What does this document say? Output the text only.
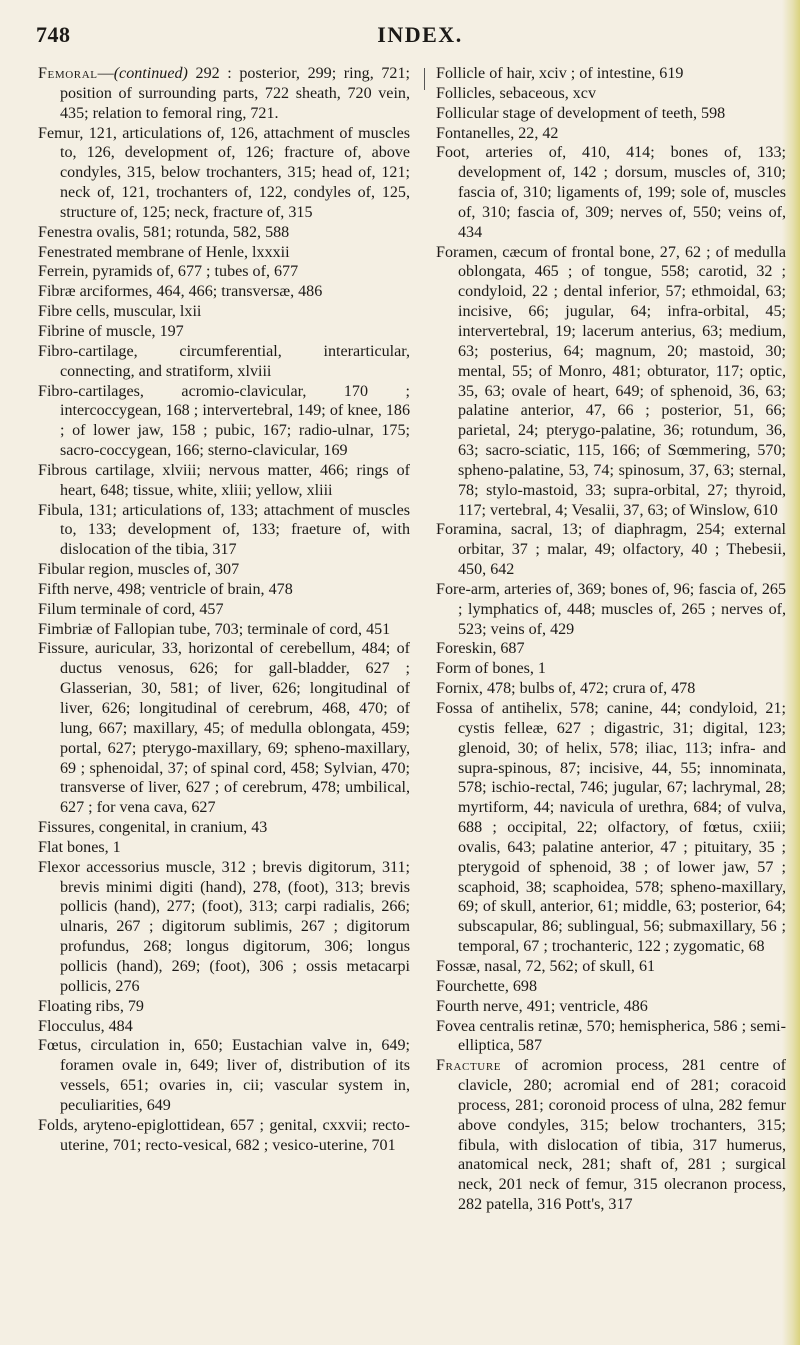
748	INDEX.
Femoral—(continued) 292 : posterior, 299; ring, 721; position of surrounding parts, 722 sheath, 720 vein, 435; relation to femoral ring, 721.
Femur, 121, articulations of, 126, attachment of muscles to, 126, development of, 126; fracture of, above condyles, 315, below trochanters, 315; head of, 121; neck of, 121, trochanters of, 122, condyles of, 125, structure of, 125; neck, fracture of, 315
Fenestra ovalis, 581; rotunda, 582, 588
Fenestrated membrane of Henle, lxxxii
Ferrein, pyramids of, 677 ; tubes of, 677
Fibræ arciformes, 464, 466; transversæ, 486
Fibre cells, muscular, lxii
Fibrine of muscle, 197
Fibro-cartilage, circumferential, interarticular, connecting, and stratiform, xlviii
Fibro-cartilages, acromio-clavicular, 170 ; intercoccygean, 168 ; intervertebral, 149; of knee, 186 ; of lower jaw, 158 ; pubic, 167; radio-ulnar, 175; sacro-coccygean, 166; sterno-clavicular, 169
Fibrous cartilage, xlviii; nervous matter, 466; rings of heart, 648; tissue, white, xliii; yellow, xliii
Fibula, 131; articulations of, 133; attachment of muscles to, 133; development of, 133; fraeture of, with dislocation of the tibia, 317
Fibular region, muscles of, 307
Fifth nerve, 498; ventricle of brain, 478
Filum terminale of cord, 457
Fimbriæ of Fallopian tube, 703; terminale of cord, 451
Fissure, auricular, 33, horizontal of cerebellum, 484; of ductus venosus, 626; for gall-bladder, 627 ; Glasserian, 30, 581; of liver, 626; longitudinal of liver, 626; longitudinal of cerebrum, 468, 470; of lung, 667; maxillary, 45; of medulla oblongata, 459; portal, 627; pterygo-maxillary, 69; spheno-maxillary, 69 ; sphenoidal, 37; of spinal cord, 458; Sylvian, 470; transverse of liver, 627 ; of cerebrum, 478; umbilical, 627 ; for vena cava, 627
Fissures, congenital, in cranium, 43
Flat bones, 1
Flexor accessorius muscle, 312 ; brevis digitorum, 311; brevis minimi digiti (hand), 278, (foot), 313; brevis pollicis (hand), 277; (foot), 313; carpi radialis, 266; ulnaris, 267 ; digitorum sublimis, 267 ; digitorum profundus, 268; longus digitorum, 306; longus pollicis (hand), 269; (foot), 306 ; ossis metacarpi pollicis, 276
Floating ribs, 79
Flocculus, 484
Fœtus, circulation in, 650; Eustachian valve in, 649; foramen ovale in, 649; liver of, distribution of its vessels, 651; ovaries in, cii; vascular system in, peculiarities, 649
Folds, aryteno-epiglottidean, 657 ; genital, cxxvii; recto-uterine, 701; recto-vesical, 682 ; vesico-uterine, 701
Follicle of hair, xciv ; of intestine, 619
Follicles, sebaceous, xcv
Follicular stage of development of teeth, 598
Fontanelles, 22, 42
Foot, arteries of, 410, 414; bones of, 133; development of, 142 ; dorsum, muscles of, 310; fascia of, 310; ligaments of, 199; sole of, muscles of, 310; fascia of, 309; nerves of, 550; veins of, 434
Foramen, cæcum of frontal bone, 27, 62 ; of medulla oblongata, 465 ; of tongue, 558; carotid, 32 ; condyloid, 22 ; dental inferior, 57; ethmoidal, 63; incisive, 66; jugular, 64; infra-orbital, 45; intervertebral, 19; lacerum anterius, 63; medium, 63; posterius, 64; magnum, 20; mastoid, 30; mental, 55; of Monro, 481; obturator, 117; optic, 35, 63; ovale of heart, 649; of sphenoid, 36, 63; palatine anterior, 47, 66 ; posterior, 51, 66; parietal, 24; pterygo-palatine, 36; rotundum, 36, 63; sacro-sciatic, 115, 166; of Sœmmering, 570; spheno-palatine, 53, 74; spinosum, 37, 63; sternal, 78; stylo-mastoid, 33; supra-orbital, 27; thyroid, 117; vertebral, 4; Vesalii, 37, 63; of Winslow, 610
Foramina, sacral, 13; of diaphragm, 254; external orbitar, 37 ; malar, 49; olfactory, 40 ; Thebesii, 450, 642
Fore-arm, arteries of, 369; bones of, 96; fascia of, 265 ; lymphatics of, 448; muscles of, 265 ; nerves of, 523; veins of, 429
Foreskin, 687
Form of bones, 1
Fornix, 478; bulbs of, 472; crura of, 478
Fossa of antihelix, 578; canine, 44; condyloid, 21; cystis felleæ, 627 ; digastric, 31; digital, 123; glenoid, 30; of helix, 578; iliac, 113; infra- and supra-spinous, 87; incisive, 44, 55; innominata, 578; ischio-rectal, 746; jugular, 67; lachrymal, 28; myrtiform, 44; navicula of urethra, 684; of vulva, 688 ; occipital, 22; olfactory, of fœtus, cxiii; ovalis, 643; palatine anterior, 47 ; pituitary, 35 ; pterygoid of sphenoid, 38 ; of lower jaw, 57 ; scaphoid, 38; scaphoidea, 578; spheno-maxillary, 69; of skull, anterior, 61; middle, 63; posterior, 64; subscapular, 86; sublingual, 56; submaxillary, 56 ; temporal, 67 ; trochanteric, 122 ; zygomatic, 68
Fossæ, nasal, 72, 562; of skull, 61
Fourchette, 698
Fourth nerve, 491; ventricle, 486
Fovea centralis retinæ, 570; hemispherica, 586 ; semi-elliptica, 587
Fracture of acromion process, 281 centre of clavicle, 280; acromial end of 281; coracoid process, 281; coronoid process of ulna, 282 femur above condyles, 315; below trochanters, 315; fibula, with dislocation of tibia, 317 humerus, anatomical neck, 281; shaft of, 281 ; surgical neck, 201 neck of femur, 315 olecranon process, 282 patella, 316 Pott's, 317
